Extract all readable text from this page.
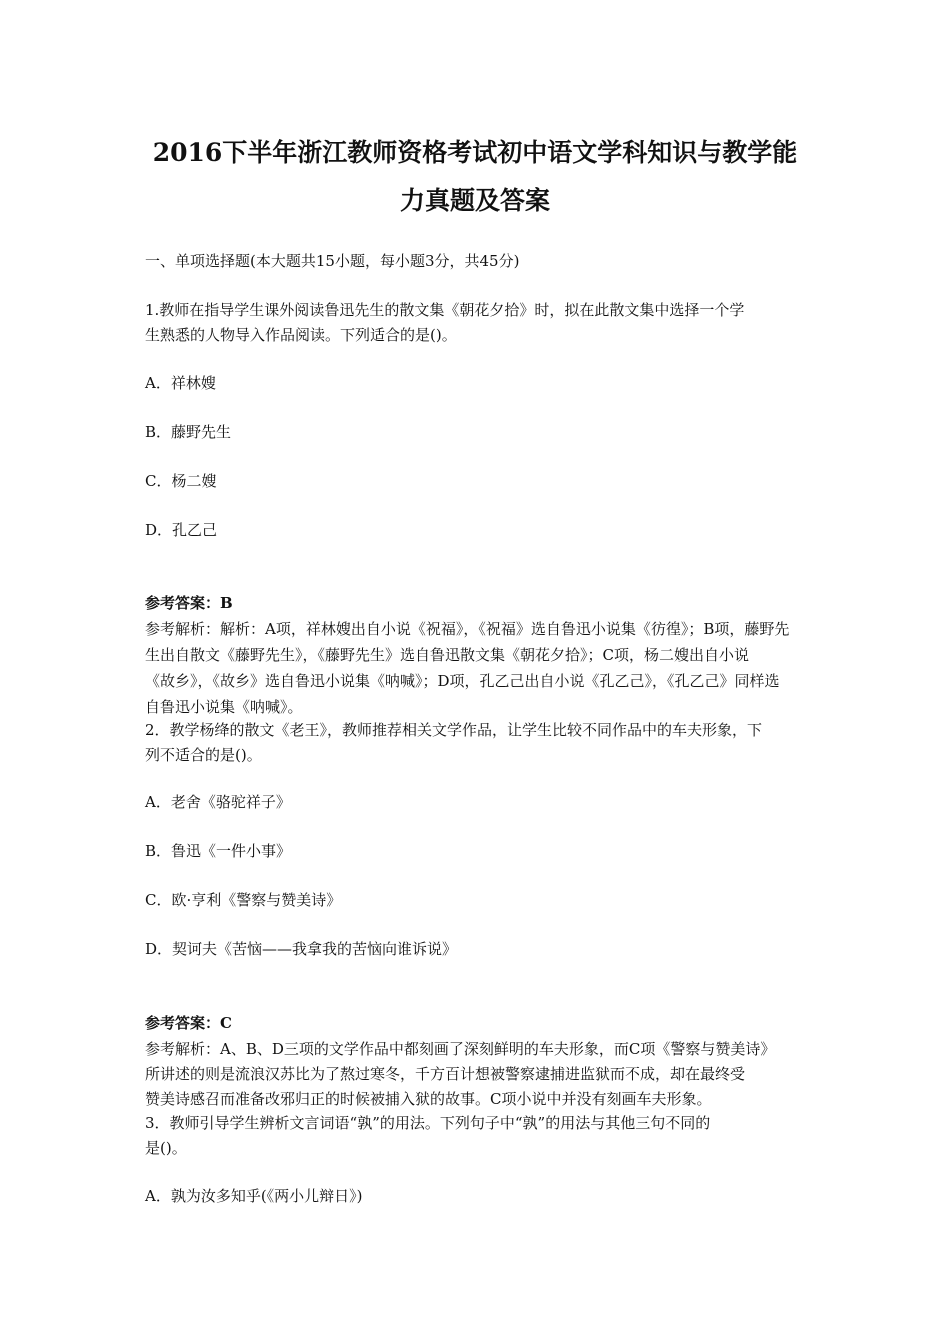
2016下半年浙江教师资格考试初中语文学科知识与教学能
力真题及答案
一、单项选择题(本大题共15小题，每小题3分，共45分)
1.教师在指导学生课外阅读鲁迅先生的散文集《朝花夕拾》时，拟在此散文集中选择一个学
生熟悉的人物导入作品阅读。下列适合的是()。
A．祥林嫂
B．藤野先生
C．杨二嫂
D．孔乙己
参考答案：B
参考解析：解析：A项，祥林嫂出自小说《祝福》，《祝福》选自鲁迅小说集《彷徨》；B项，藤野先
生出自散文《藤野先生》，《藤野先生》选自鲁迅散文集《朝花夕拾》；C项，杨二嫂出自小说
《故乡》，《故乡》选自鲁迅小说集《呐喊》；D项，孔乙己出自小说《孔乙己》，《孔乙己》同样选
自鲁迅小说集《呐喊》。
2．教学杨绛的散文《老王》，教师推荐相关文学作品，让学生比较不同作品中的车夫形象，下
列不适合的是()。
A．老舍《骆驼祥子》
B．鲁迅《一件小事》
C．欧·亨利《警察与赞美诗》
D．契诃夫《苦恼——我拿我的苦恼向谁诉说》
参考答案：C
参考解析：A、B、D三项的文学作品中都刻画了深刻鲜明的车夫形象，而C项《警察与赞美诗》
所讲述的则是流浪汉苏比为了熬过寒冬，千方百计想被警察逮捕进监狱而不成，却在最终受
赞美诗感召而准备改邪归正的时候被捕入狱的故事。C项小说中并没有刻画车夫形象。
3．教师引导学生辨析文言词语“孰”的用法。下列句子中“孰”的用法与其他三句不同的
是()。
A．孰为汝多知乎(《两小儿辩日》)
